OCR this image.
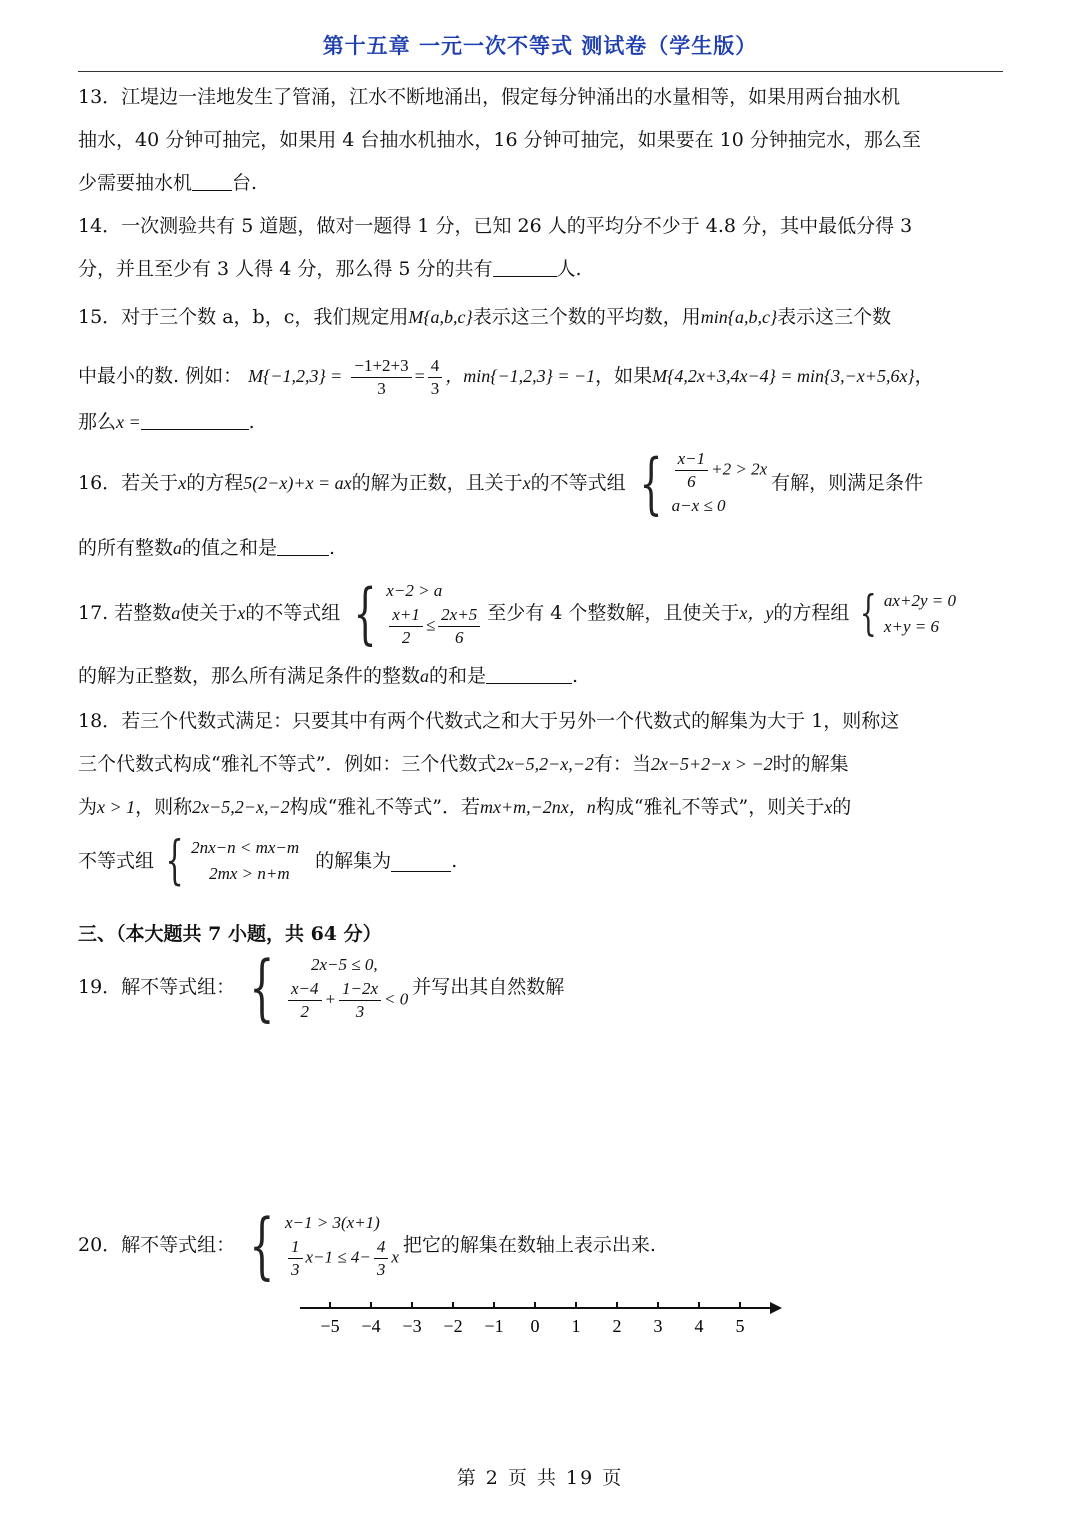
第十五章 一元一次不等式 测试卷（学生版）
13．江堤边一洼地发生了管涌，江水不断地涌出，假定每分钟涌出的水量相等，如果用两台抽水机
抽水，40 分钟可抽完，如果用 4 台抽水机抽水，16 分钟可抽完，如果要在 10 分钟抽完水，那么至
少需要抽水机 台.
14．一次测验共有 5 道题，做对一题得 1 分，已知 26 人的平均分不少于 4.8 分，其中最低分得 3
分，并且至少有 3 人得 4 分，那么得 5 分的共有	人.
15．对于三个数 a，b，c，我们规定用M{a,b,c}表示这三个数的平均数，用min{a,b,c}表示这三个数
中最小的数. 例如： $M\{-1,2,3\} = \frac{-1+2+3}{3} = \frac{4}{3}$ ，min{−1,2,3} = −1，如果M{4,2x+3,4x−4} = min{3,−x+5,6x}，
那么x =	.
16．若关于 x 的方程 5(2−x)+x = ax 的解为正数，且关于 x 的不等式组 { $\frac{x-1}{6} +2 > 2x$
a−x ≤ 0
有解，则满足条件
的所有整数a的值之和是	.
17. 若整数 a 使关于 x 的不等式组 { x−2 > a
$\frac{x+1}{2} \le \frac{2x+5}{6}$ 至少有 4 个整数解，且使关于 x，y 的方程组 { ax+2y = 0
x+y = 6
的解为正整数，那么所有满足条件的整数a的和是	.
18．若三个代数式满足：只要其中有两个代数式之和大于另外一个代数式的解集为大于 1，则称这
三个代数式构成“雅礼不等式”．例如：三个代数式2x−5,2−x,−2有：当2x−5+2−x > −2时的解集
为x > 1，则称2x−5,2−x,−2构成“雅礼不等式”．若mx+m,−2nx，n构成“雅礼不等式”，则关于x的
不等式组 { 2nx−n < mx−m
2mx > n+m
的解集为	.
三、（本大题共 7 小题，共 64 分）
19．解不等式组： {	2x−5 ≤ 0,
$\frac{x-4}{2} + \frac{1-2x}{3} < 0$
并写出其自然数解
20．解不等式组： { x−1 > 3(x+1)
$\frac{1}{3} x-1 \le 4- \frac{4}{3}$ x
把它的解集在数轴上表示出来.
−5 −4 −3 −2 −1 0 1 2 3 4 5
第 2 页 共 19 页
